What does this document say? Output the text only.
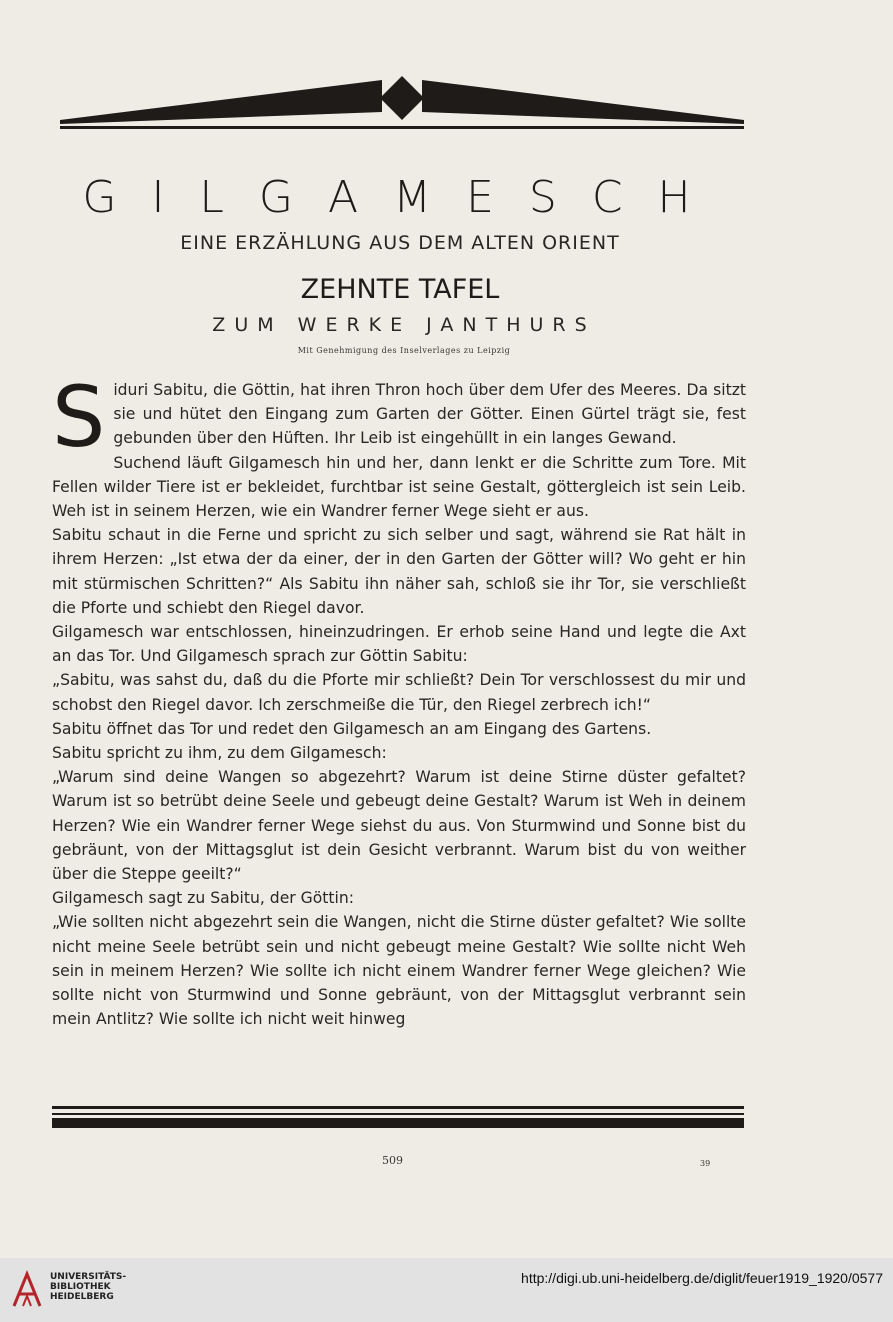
GILGAMESCH
EINE ERZÄHLUNG AUS DEM ALTEN ORIENT
ZEHNTE TAFEL
ZUM WERKE JANTHURS
Mit Genehmigung des Inselverlages zu Leipzig

Siduri Sabitu, die Göttin, hat ihren Thron hoch über dem Ufer des Meeres. Da sitzt sie und hütet den Eingang zum Garten der Götter. Einen Gürtel trägt sie, fest gebunden über den Hüften. Ihr Leib ist eingehüllt in ein langes Gewand.

Suchend läuft Gilgamesch hin und her, dann lenkt er die Schritte zum Tore. Mit Fellen wilder Tiere ist er bekleidet, furchtbar ist seine Gestalt, göttergleich ist sein Leib. Weh ist in seinem Herzen, wie ein Wandrer ferner Wege sieht er aus.

Sabitu schaut in die Ferne und spricht zu sich selber und sagt, während sie Rat hält in ihrem Herzen: „Ist etwa der da einer, der in den Garten der Götter will? Wo geht er hin mit stürmischen Schritten?“ Als Sabitu ihn näher sah, schloß sie ihr Tor, sie verschließt die Pforte und schiebt den Riegel davor.

Gilgamesch war entschlossen, hineinzudringen. Er erhob seine Hand und legte die Axt an das Tor. Und Gilgamesch sprach zur Göttin Sabitu:

„Sabitu, was sahst du, daß du die Pforte mir schließt? Dein Tor verschlossest du mir und schobst den Riegel davor. Ich zerschmeiße die Tür, den Riegel zerbrech ich!“

Sabitu öffnet das Tor und redet den Gilgamesch an am Eingang des Gartens.

Sabitu spricht zu ihm, zu dem Gilgamesch:

„Warum sind deine Wangen so abgezehrt? Warum ist deine Stirne düster gefaltet? Warum ist so betrübt deine Seele und gebeugt deine Gestalt? Warum ist Weh in deinem Herzen? Wie ein Wandrer ferner Wege siehst du aus. Von Sturmwind und Sonne bist du gebräunt, von der Mittagsglut ist dein Gesicht verbrannt. Warum bist du von weither über die Steppe geeilt?“

Gilgamesch sagt zu Sabitu, der Göttin:

„Wie sollten nicht abgezehrt sein die Wangen, nicht die Stirne düster gefaltet? Wie sollte nicht meine Seele betrübt sein und nicht gebeugt meine Gestalt? Wie sollte nicht Weh sein in meinem Herzen? Wie sollte ich nicht einem Wandrer ferner Wege gleichen? Wie sollte nicht von Sturmwind und Sonne gebräunt, von der Mittagsglut verbrannt sein mein Antlitz? Wie sollte ich nicht weit hinweg

509	39
UNIVERSITÄTS-
BIBLIOTHEK
HEIDELBERG
http://digi.ub.uni-heidelberg.de/diglit/feuer1919_1920/0577
